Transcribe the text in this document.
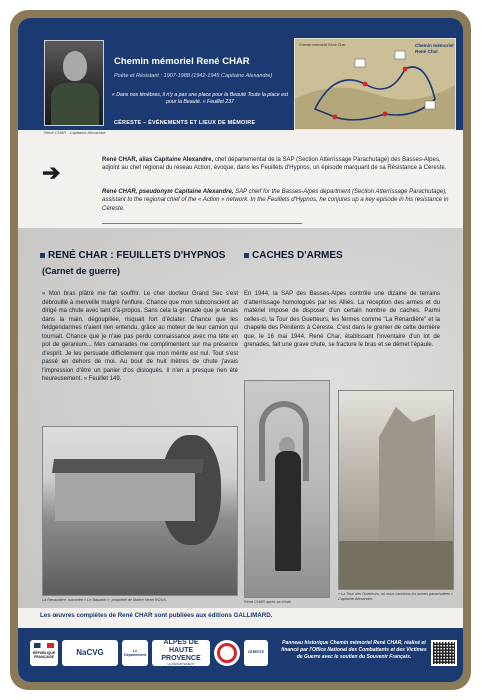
Chemin mémoriel René CHAR
Poète et Résistant : 1907-1988 (1942-1945 Capitaine Alexandre)
« Dans nos ténèbres, il n'y a pas une place pour la Beauté Toute la place est pour la Beauté. » Feuillet 237
CÉRESTE – ÉVÉNEMENTS ET LIEUX DE MÉMOIRE
Chemin mémoriel René Char	Chemin mémoriel René Char
René CHAR - Capitaine Alexandre
➔	René CHAR, alias Capitaine Alexandre, chef départemental de la SAP (Section Atterrissage Parachutage) des Basses-Alpes, adjoint au chef régional du réseau Action, évoque, dans les Feuillets d'Hypnos, un épisode marquant de sa Résistance à Céreste.
René CHAR, pseudonym Capitaine Alexandre, SAP chief for the Basses-Alpes department (Section Atterrissage Parachutage), assistant to the regional chief of the « Action » network. In the Feuillets d'Hypnos, he conjures up a key episode in his resistance in Céreste.
RENÉ CHAR : FEUILLETS D'HYPNOS
(Carnet de guerre)
« Mon bras plâtré me fait souffrir. Le cher docteur Grand Sec s'est débrouillé à merveille malgré l'enflure. Chance que mon subconscient ait dirigé ma chute avec tant d'à-propos. Sans cela la grenade que je tenais dans la main, dégoupillée, risquait fort d'éclater. Chance que les feldgendarmes n'aient rien entendu, grâce au moteur de leur camion qui tournait. Chance que je n'aie pas perdu connaissance avec ma tête en pot de géranium... Mes camarades me complimentent sur ma présence d'esprit. Je les persuade difficilement que mon mérite est nul. Tout s'est passé en dehors de moi. Au bout de huit mètres de chute j'avais l'impression d'être un panier d'os disloqués. Il n'en a presque rien été heureusement. » Feuillet 149.
La Renardière, nommée « Le Baudoin », propriété de Maître Henri ROUX.
CACHES D'ARMES
En 1944, la SAP des Basses-Alpes contrôle une dizaine de terrains d'atterrissage homologués par les Alliés. La réception des armes et du matériel impose de disposer d'un certain nombre de caches. Parmi celles-ci, la Tour des Guetteurs, les fermes comme "La Renardière" et la chapelle des Pénitents à Céreste. C'est dans le grenier de cette dernière que, le 16 mai 1944, René Char, établissant l'inventaire d'un lot de grenades, fait une grave chute, se fracture le bras et se démet l'épaule.
René CHAR après sa chute.
« La Tour des Guetteurs, où nous cachions les armes parachutées » Capitaine Alexandre.
Les œuvres complètes de René CHAR sont publiées aux éditions GALLIMARD.
RÉPUBLIQUE FRANÇAISE	NaCVG	Le Département
ALPES DE HAUTE PROVENCE
LE DÉPARTEMENT
CÉRESTE
Panneau historique Chemin mémoriel René CHAR, réalisé et financé par l'Office National des Combattants et des Victimes de Guerre avec le soutien du Souvenir Français.
